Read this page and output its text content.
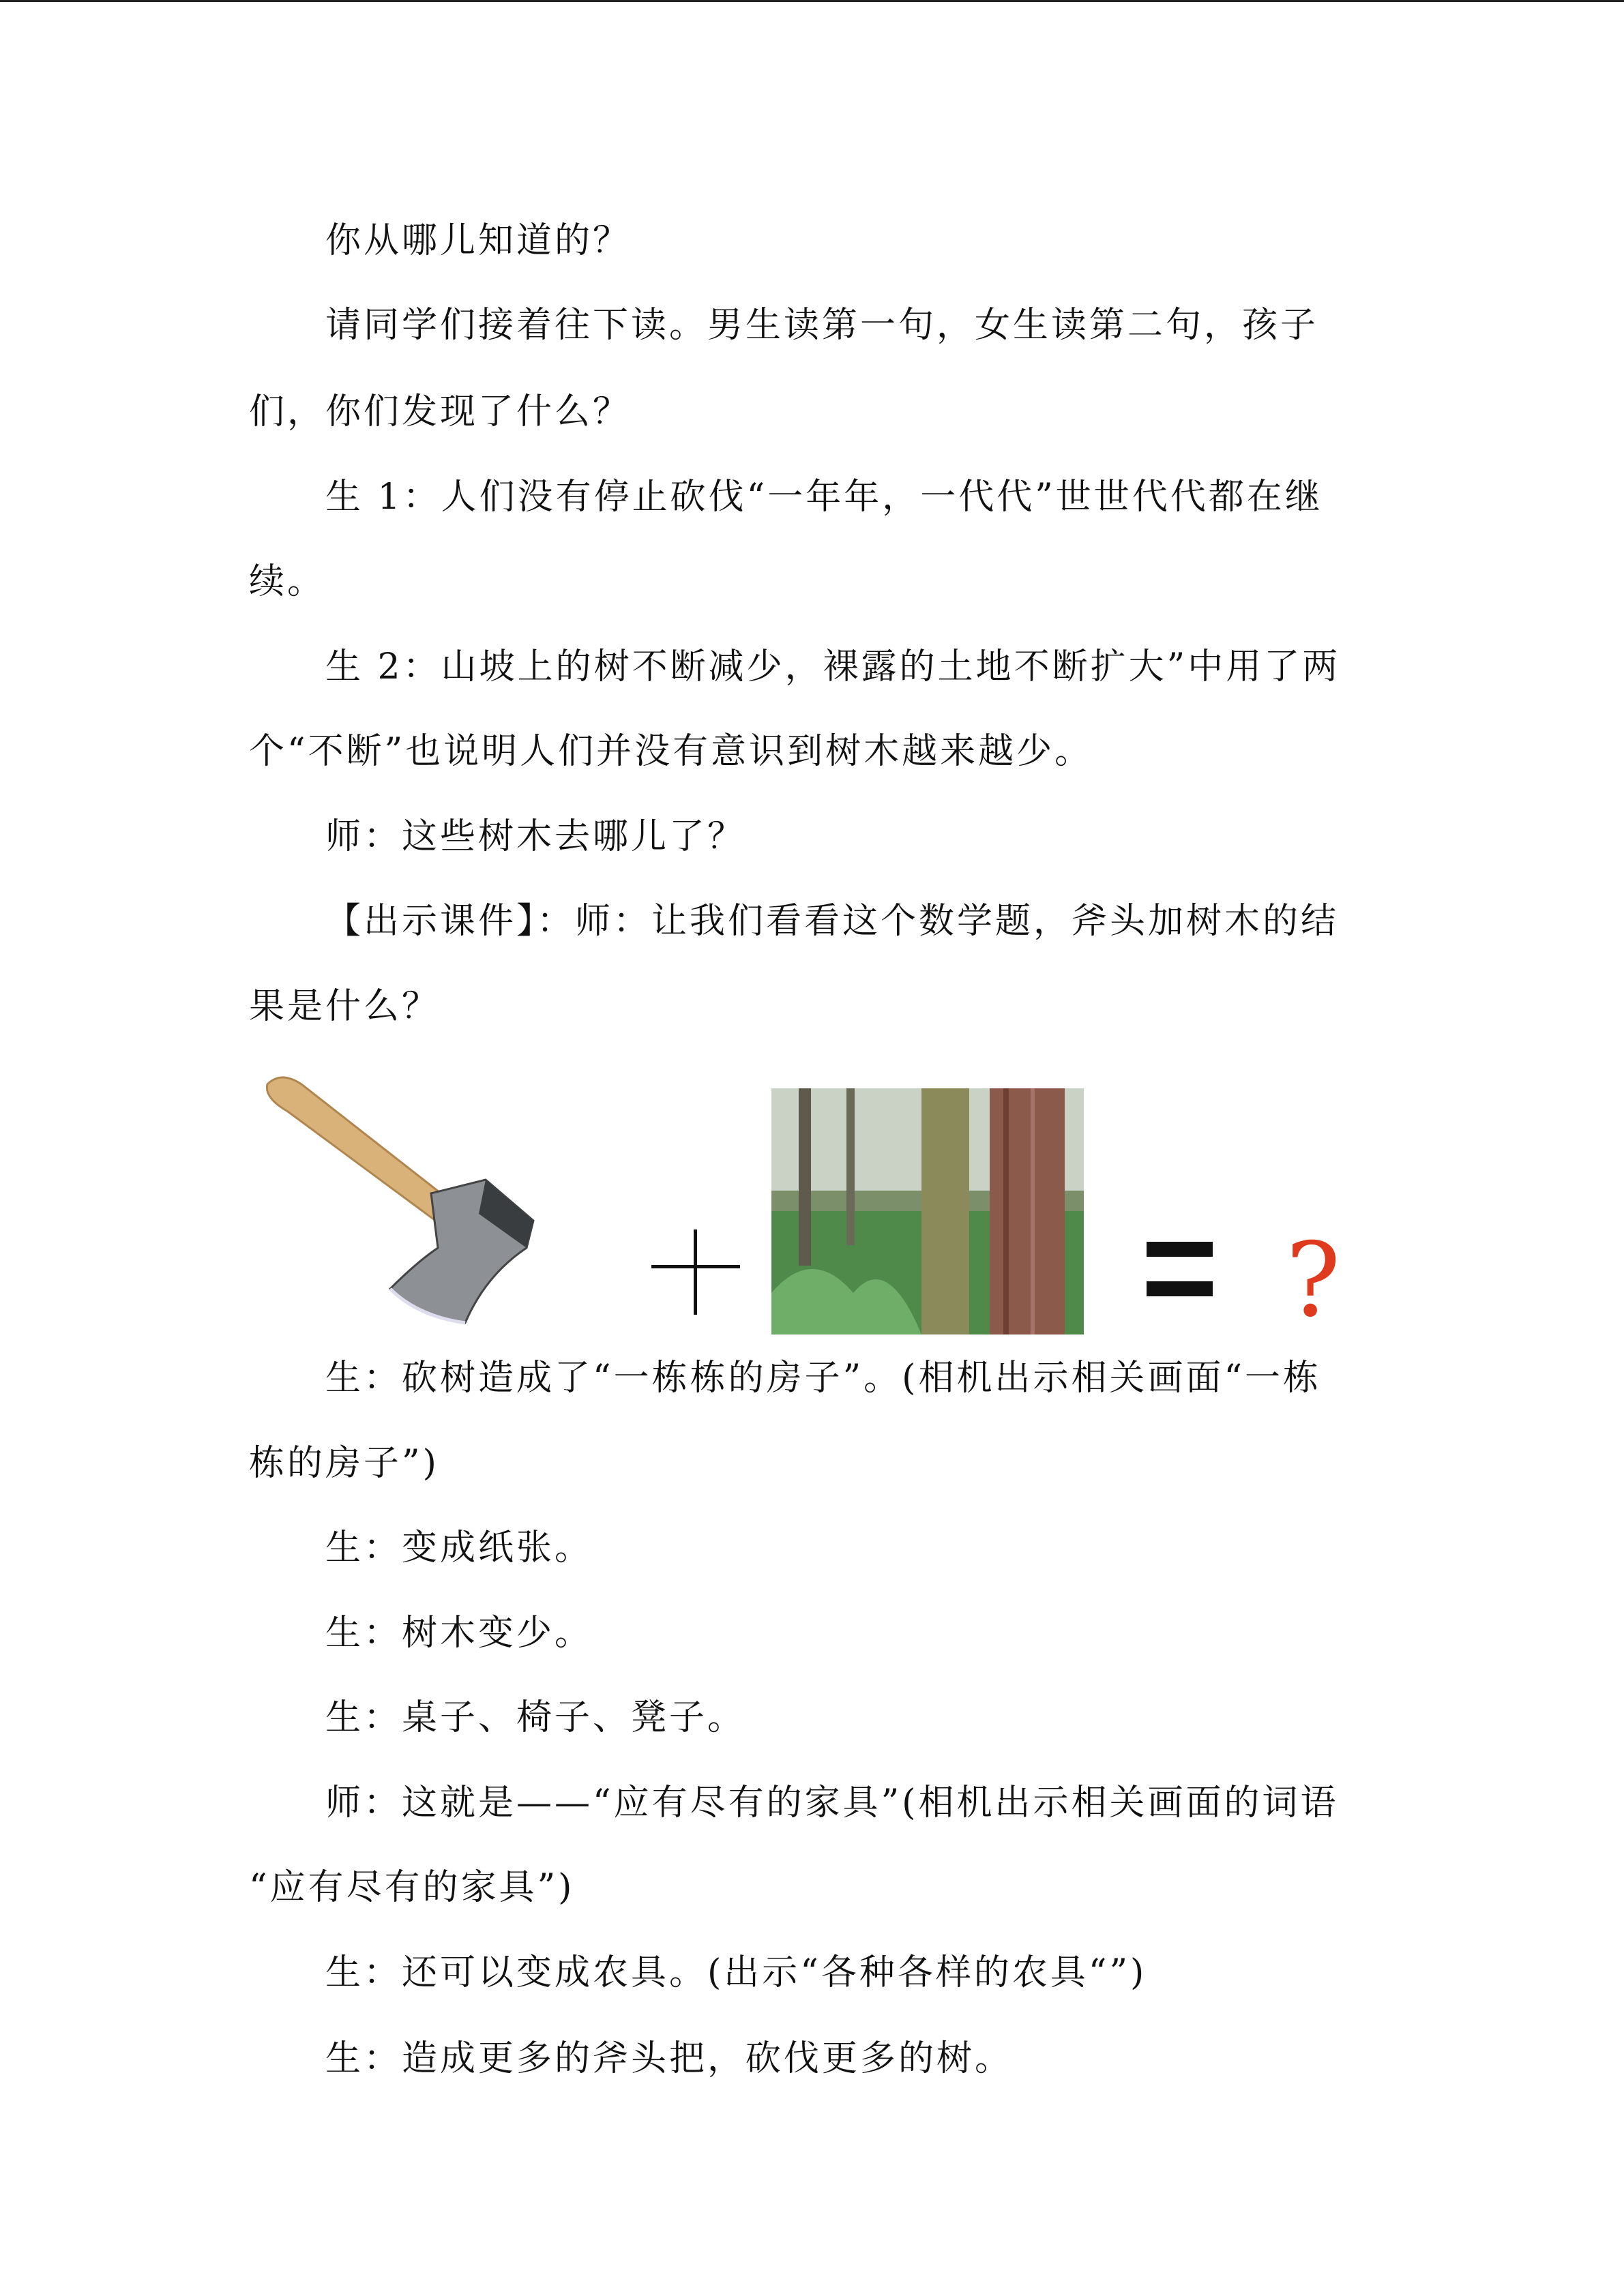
你从哪儿知道的？
请同学们接着往下读。男生读第一句，女生读第二句，孩子
们，你们发现了什么？
生 1：人们没有停止砍伐“一年年，一代代”世世代代都在继
续。
生 2：山坡上的树不断减少，裸露的土地不断扩大”中用了两
个“不断”也说明人们并没有意识到树木越来越少。
师：这些树木去哪儿了？
【出示课件】：师：让我们看看这个数学题，斧头加树木的结
果是什么？
?
生：砍树造成了“一栋栋的房子”。(相机出示相关画面“一栋
栋的房子”)
生：变成纸张。
生：树木变少。
生：桌子、椅子、凳子。
师：这就是——“应有尽有的家具”(相机出示相关画面的词语
“应有尽有的家具”)
生：还可以变成农具。(出示“各种各样的农具“”)
生：造成更多的斧头把，砍伐更多的树。
